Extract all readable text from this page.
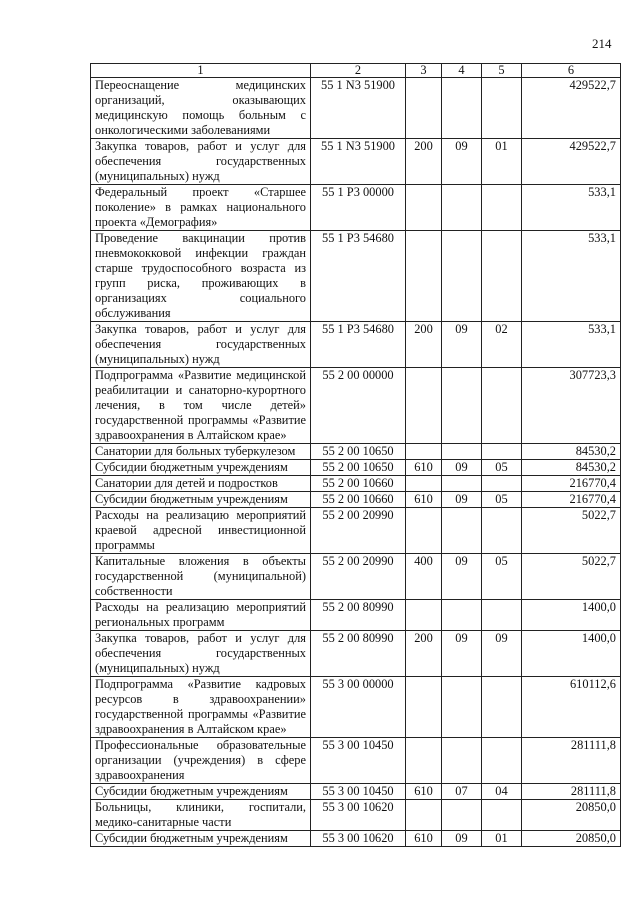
214
1	2	3	4	5	6
Переоснащение медицинских организаций, оказывающих медицинскую помощь больным с онкологическими заболеваниями	55 1 N3 51900				429522,7
Закупка товаров, работ и услуг для обеспечения государственных (муниципальных) нужд	55 1 N3 51900	200	09	01	429522,7
Федеральный проект «Старшее поколение» в рамках национального проекта «Демография»	55 1 P3 00000				533,1
Проведение вакцинации против пневмококковой инфекции граждан старше трудоспособного возраста из групп риска, проживающих в организациях социального обслуживания	55 1 P3 54680				533,1
Закупка товаров, работ и услуг для обеспечения государственных (муниципальных) нужд	55 1 P3 54680	200	09	02	533,1
Подпрограмма «Развитие медицинской реабилитации и санаторно-курортного лечения, в том числе детей» государственной программы «Развитие здравоохранения в Алтайском крае»	55 2 00 00000				307723,3
Санатории для больных туберкулезом	55 2 00 10650				84530,2
Субсидии бюджетным учреждениям	55 2 00 10650	610	09	05	84530,2
Санатории для детей и подростков	55 2 00 10660				216770,4
Субсидии бюджетным учреждениям	55 2 00 10660	610	09	05	216770,4
Расходы на реализацию мероприятий краевой адресной инвестиционной программы	55 2 00 20990				5022,7
Капитальные вложения в объекты государственной (муниципальной) собственности	55 2 00 20990	400	09	05	5022,7
Расходы на реализацию мероприятий региональных программ	55 2 00 80990				1400,0
Закупка товаров, работ и услуг для обеспечения государственных (муниципальных) нужд	55 2 00 80990	200	09	09	1400,0
Подпрограмма «Развитие кадровых ресурсов в здравоохранении» государственной программы «Развитие здравоохранения в Алтайском крае»	55 3 00 00000				610112,6
Профессиональные образовательные организации (учреждения) в сфере здравоохранения	55 3 00 10450				281111,8
Субсидии бюджетным учреждениям	55 3 00 10450	610	07	04	281111,8
Больницы, клиники, госпитали, медико-санитарные части	55 3 00 10620				20850,0
Субсидии бюджетным учреждениям	55 3 00 10620	610	09	01	20850,0
